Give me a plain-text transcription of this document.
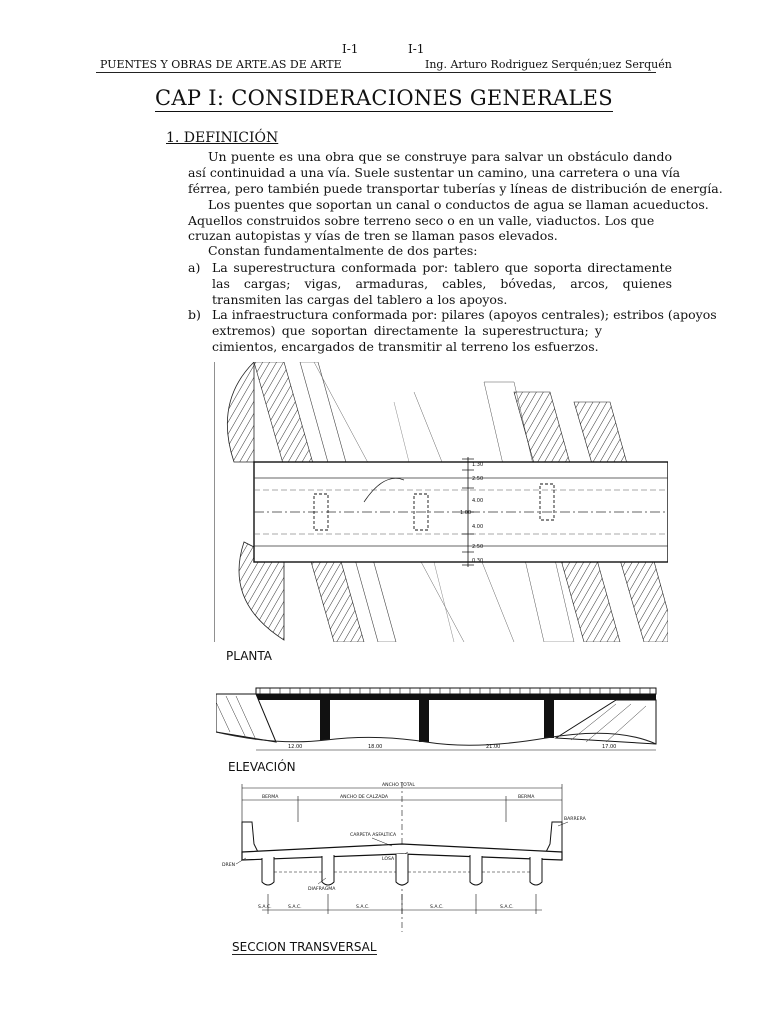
I-1	I-1
PUENTES Y OBRAS DE ARTE.AS DE ARTE	Ing. Arturo Rodriguez Serquén;uez Serquén
CAP I: CONSIDERACIONES GENERALES
1. DEFINICIÓN
Un puente es una obra que se construye para salvar un obstáculo dando
así continuidad a una vía. Suele sustentar un camino, una carretera o una vía
férrea, pero también puede transportar tuberías y líneas de distribución de energía.
Los puentes que soportan un canal o conductos de agua se llaman acueductos.
Aquellos construidos sobre terreno seco o en un valle, viaductos. Los que
cruzan autopistas y vías de tren se llaman pasos elevados.
Constan fundamentalmente de dos partes:
a) La superestructura conformada por: tablero que soporta directamente
las cargas; vigas, armaduras, cables, bóvedas, arcos, quienes
transmiten las cargas del tablero a los apoyos.
b) La infraestructura conformada por: pilares (apoyos centrales); estribos (apoyos
extremos) que soportan directamente la superestructura; y
cimientos, encargados de transmitir al terreno los esfuerzos.
1.30
2.50
4.00
1.00
4.00
2.50
0.30
PLANTA
12.00	18.00	21.00	17.00
ELEVACIÓN
ANCHO TOTAL
BERMA	ANCHO DE CALZADA	BERMA
BARRERA
CARPETA ASFALTICA
LOSA
DREN
DIAFRAGMA
S.A.C.	S.A.C.	S.A.C.	S.A.C.	S.A.C.
SECCION TRANSVERSAL
